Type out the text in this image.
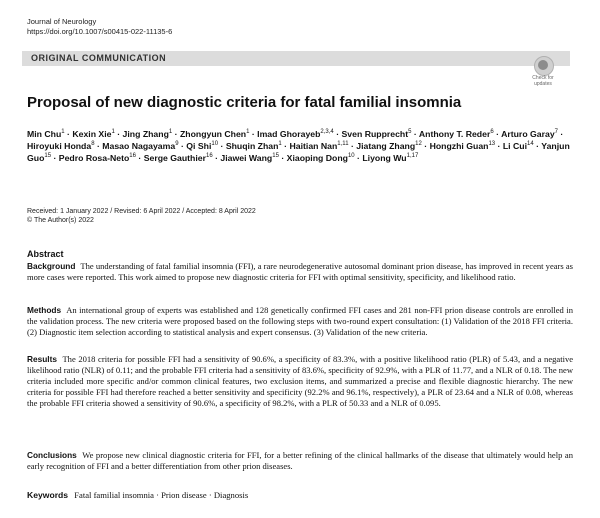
Journal of Neurology
https://doi.org/10.1007/s00415-022-11135-6
ORIGINAL COMMUNICATION
Check for
updates
Proposal of new diagnostic criteria for fatal familial insomnia
Min Chu$^1$ · Kexin Xie$^1$ · Jing Zhang$^1$ · Zhongyun Chen$^1$ · Imad Ghorayeb$^{2,3,4}$ · Sven Rupprecht$^5$ · Anthony T. Reder$^6$ · Arturo Garay$^7$ · Hiroyuki Honda$^8$ · Masao Nagayama$^9$ · Qi Shi$^{10}$ · Shuqin Zhan$^1$ · Haitian Nan$^{1,11}$ · Jiatang Zhang$^{12}$ · Hongzhi Guan$^{13}$ · Li Cui$^{14}$ · Yanjun Guo$^{15}$ · Pedro Rosa-Neto$^{16}$ · Serge Gauthier$^{16}$ · Jiawei Wang$^{15}$ · Xiaoping Dong$^{10}$ · Liyong Wu$^{1,17}$
Received: 1 January 2022 / Revised: 6 April 2022 / Accepted: 8 April 2022
© The Author(s) 2022
Abstract
Background The understanding of fatal familial insomnia (FFI), a rare neurodegenerative autosomal dominant prion disease, has improved in recent years as more cases were reported. This work aimed to propose new diagnostic criteria for FFI with optimal sensitivity, specificity, and likelihood ratio.
Methods An international group of experts was established and 128 genetically confirmed FFI cases and 281 non-FFI prion disease controls are enrolled in the validation process. The new criteria were proposed based on the following steps with two-round expert consultation: (1) Validation of the 2018 FFI criteria. (2) Diagnostic item selection according to statistical analysis and expert consensus. (3) Validation of the new criteria.
Results The 2018 criteria for possible FFI had a sensitivity of 90.6%, a specificity of 83.3%, with a positive likelihood ratio (PLR) of 5.43, and a negative likelihood ratio (NLR) of 0.11; and the probable FFI criteria had a sensitivity of 83.6%, specificity of 92.9%, with a PLR of 11.77, and a NLR of 0.18. The new criteria included more specific and/or common clinical features, two exclusion items, and summarized a precise and flexible diagnostic hierarchy. The new criteria for possible FFI had therefore reached a better sensitivity and specificity (92.2% and 96.1%, respectively), a PLR of 23.64 and a NLR of 0.08, whereas the probable FFI criteria showed a sensitivity of 90.6%, a specificity of 98.2%, with a PLR of 50.33 and a NLR of 0.095.
Conclusions We propose new clinical diagnostic criteria for FFI, for a better refining of the clinical hallmarks of the disease that ultimately would help an early recognition of FFI and a better differentiation from other prion diseases.
Keywords Fatal familial insomnia · Prion disease · Diagnosis
